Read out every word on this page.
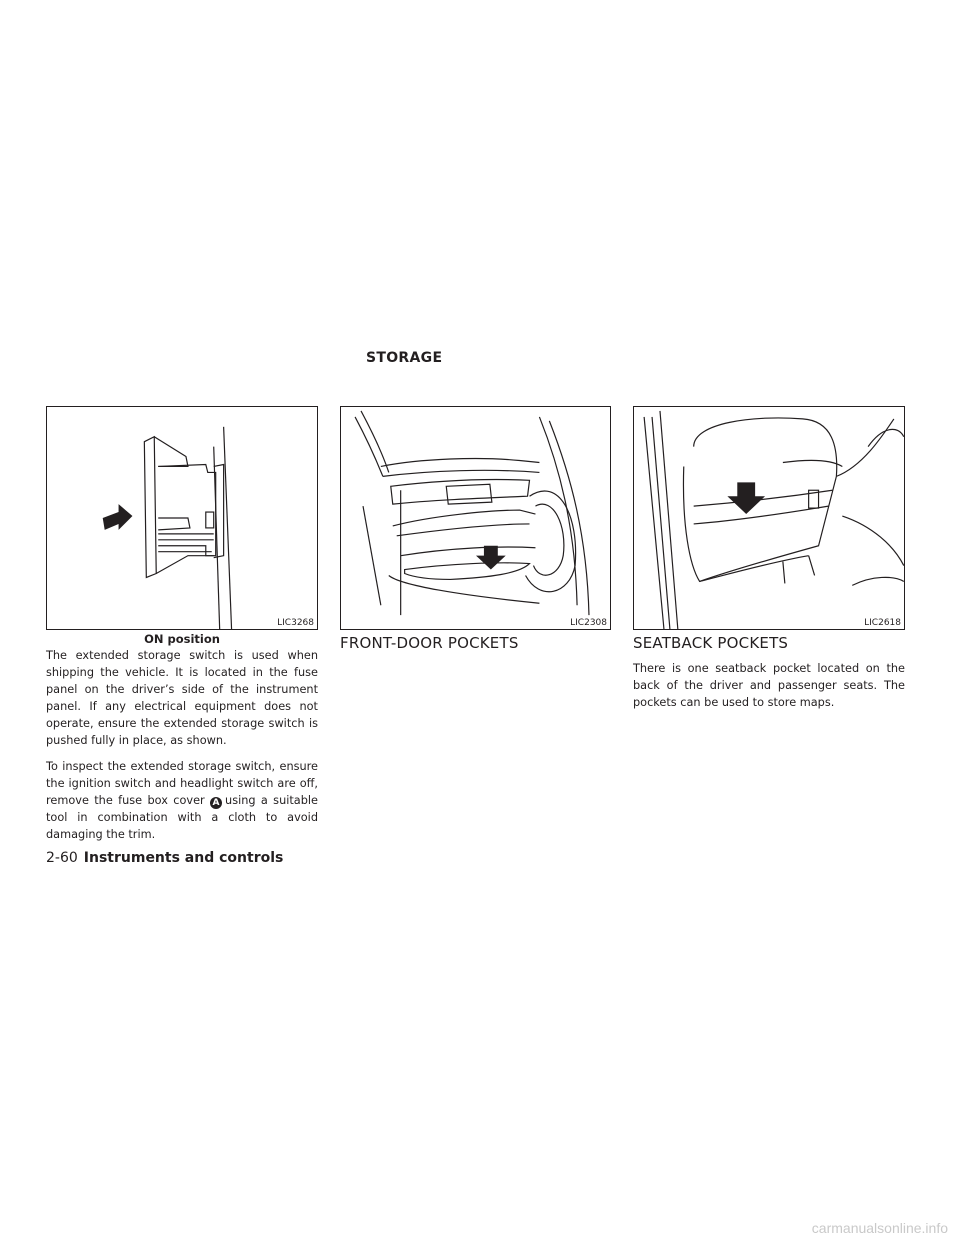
STORAGE
LIC3268
ON position
LIC2308
FRONT-DOOR POCKETS
LIC2618
SEATBACK POCKETS

The extended storage switch is used when shipping the vehicle. It is located in the fuse panel on the driver’s side of the instrument panel. If any electrical equipment does not operate, ensure the extended storage switch is pushed fully in place, as shown.

To inspect the extended storage switch, ensure the ignition switch and headlight switch are off, remove the fuse box cover A using a suitable tool in combination with a cloth to avoid damaging the trim.

There is one seatback pocket located on the back of the driver and passenger seats. The pockets can be used to store maps.

2-60 Instruments and controls
carmanualsonline.info
